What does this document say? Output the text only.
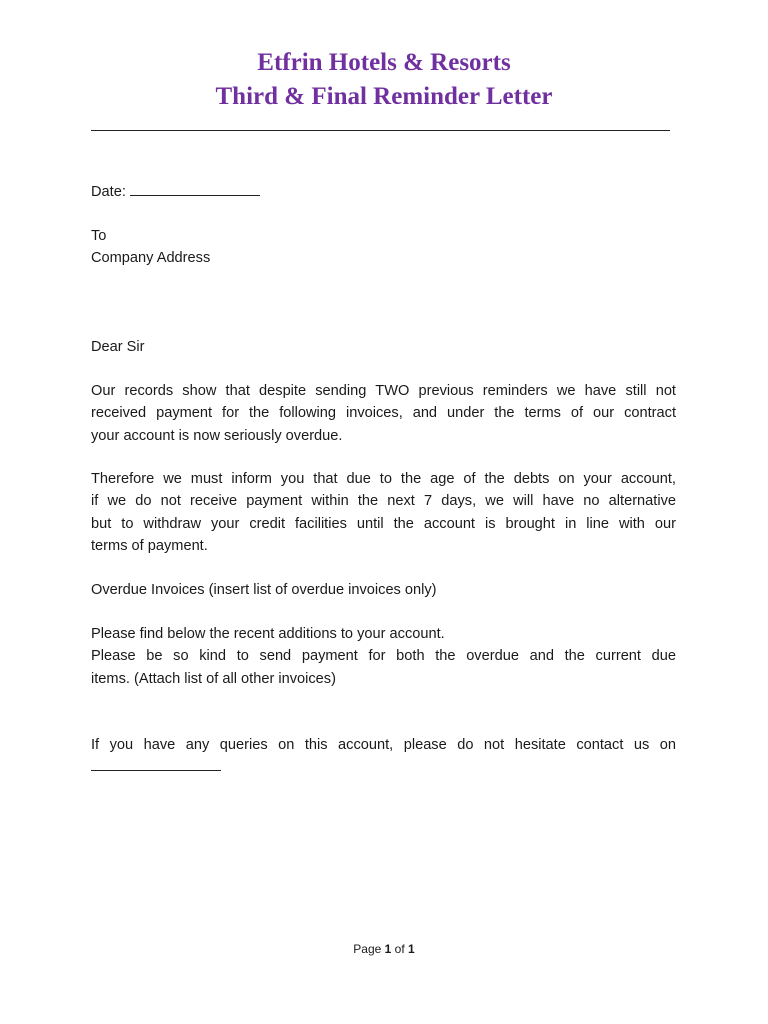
Etfrin Hotels & Resorts
Third & Final Reminder Letter
Date:
To
Company Address
Dear Sir
Our records show that despite sending TWO previous reminders we have still not
received payment for the following invoices, and under the terms of our contract
your account is now seriously overdue.
Therefore we must inform you that due to the age of the debts on your account,
if we do not receive payment within the next 7 days, we will have no alternative
but to withdraw your credit facilities until the account is brought in line with our
terms of payment.
Overdue Invoices (insert list of overdue invoices only)
Please find below the recent additions to your account.
Please be so kind to send payment for both the overdue and the current due
items. (Attach list of all other invoices)
If you have any queries on this account, please do not hesitate contact us on
Page 1 of 1
